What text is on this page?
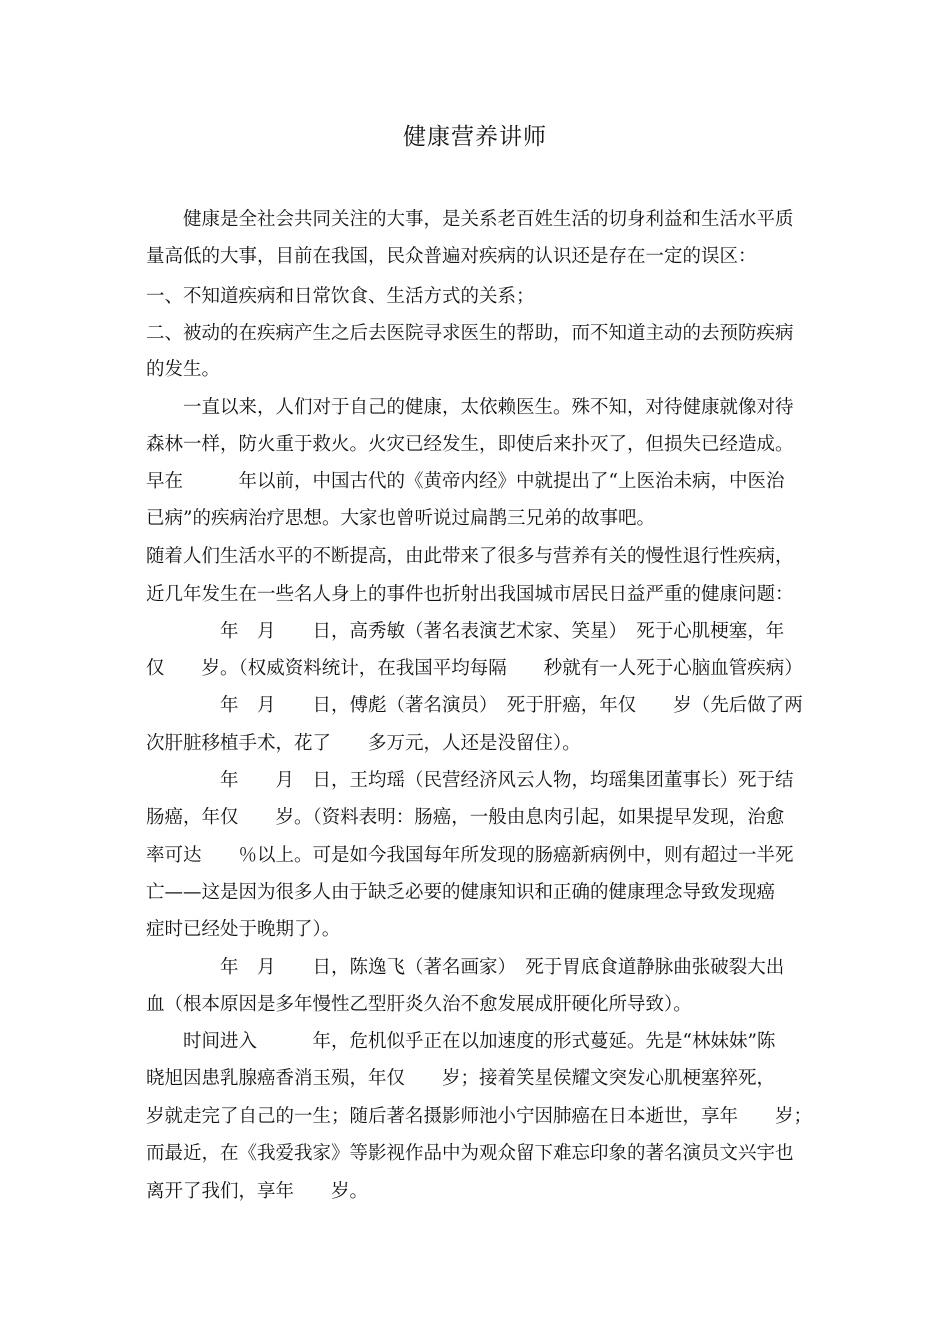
健康营养讲师
　　健康是全社会共同关注的大事，是关系老百姓生活的切身利益和生活水平质
量高低的大事，目前在我国，民众普遍对疾病的认识还是存在一定的误区：
一、不知道疾病和日常饮食、生活方式的关系；
二、被动的在疾病产生之后去医院寻求医生的帮助，而不知道主动的去预防疾病
的发生。
　　一直以来，人们对于自己的健康，太依赖医生。殊不知，对待健康就像对待
森林一样，防火重于救火。火灾已经发生，即使后来扑灭了，但损失已经造成。
早在　　　年以前，中国古代的《黄帝内经》中就提出了“上医治未病，中医治
已病”的疾病治疗思想。大家也曾听说过扁鹊三兄弟的故事吧。
随着人们生活水平的不断提高，由此带来了很多与营养有关的慢性退行性疾病，
近几年发生在一些名人身上的事件也折射出我国城市居民日益严重的健康问题：
　　　　年　月　　日，高秀敏（著名表演艺术家、笑星）　死于心肌梗塞，年
仅　　岁。（权威资料统计，在我国平均每隔　　秒就有一人死于心脑血管疾病）
　　　　年　月　　日，傅彪（著名演员）　死于肝癌，年仅　　岁（先后做了两
次肝脏移植手术，花了　　多万元，人还是没留住）。
　　　　年　　月　日，王均瑶（民营经济风云人物，均瑶集团董事长）死于结
肠癌，年仅　　岁。（资料表明：肠癌，一般由息肉引起，如果提早发现，治愈
率可达　　％以上。可是如今我国每年所发现的肠癌新病例中，则有超过一半死
亡——这是因为很多人由于缺乏必要的健康知识和正确的健康理念导致发现癌
症时已经处于晚期了）。
　　　　年　月　　日，陈逸飞（著名画家）　死于胃底食道静脉曲张破裂大出
血（根本原因是多年慢性乙型肝炎久治不愈发展成肝硬化所导致）。
　　时间进入　　　年，危机似乎正在以加速度的形式蔓延。先是“林妹妹”陈
晓旭因患乳腺癌香消玉殒，年仅　　岁；接着笑星侯耀文突发心肌梗塞猝死，
岁就走完了自己的一生；随后著名摄影师池小宁因肺癌在日本逝世，享年　　岁；
而最近，在《我爱我家》等影视作品中为观众留下难忘印象的著名演员文兴宇也
离开了我们，享年　　岁。
